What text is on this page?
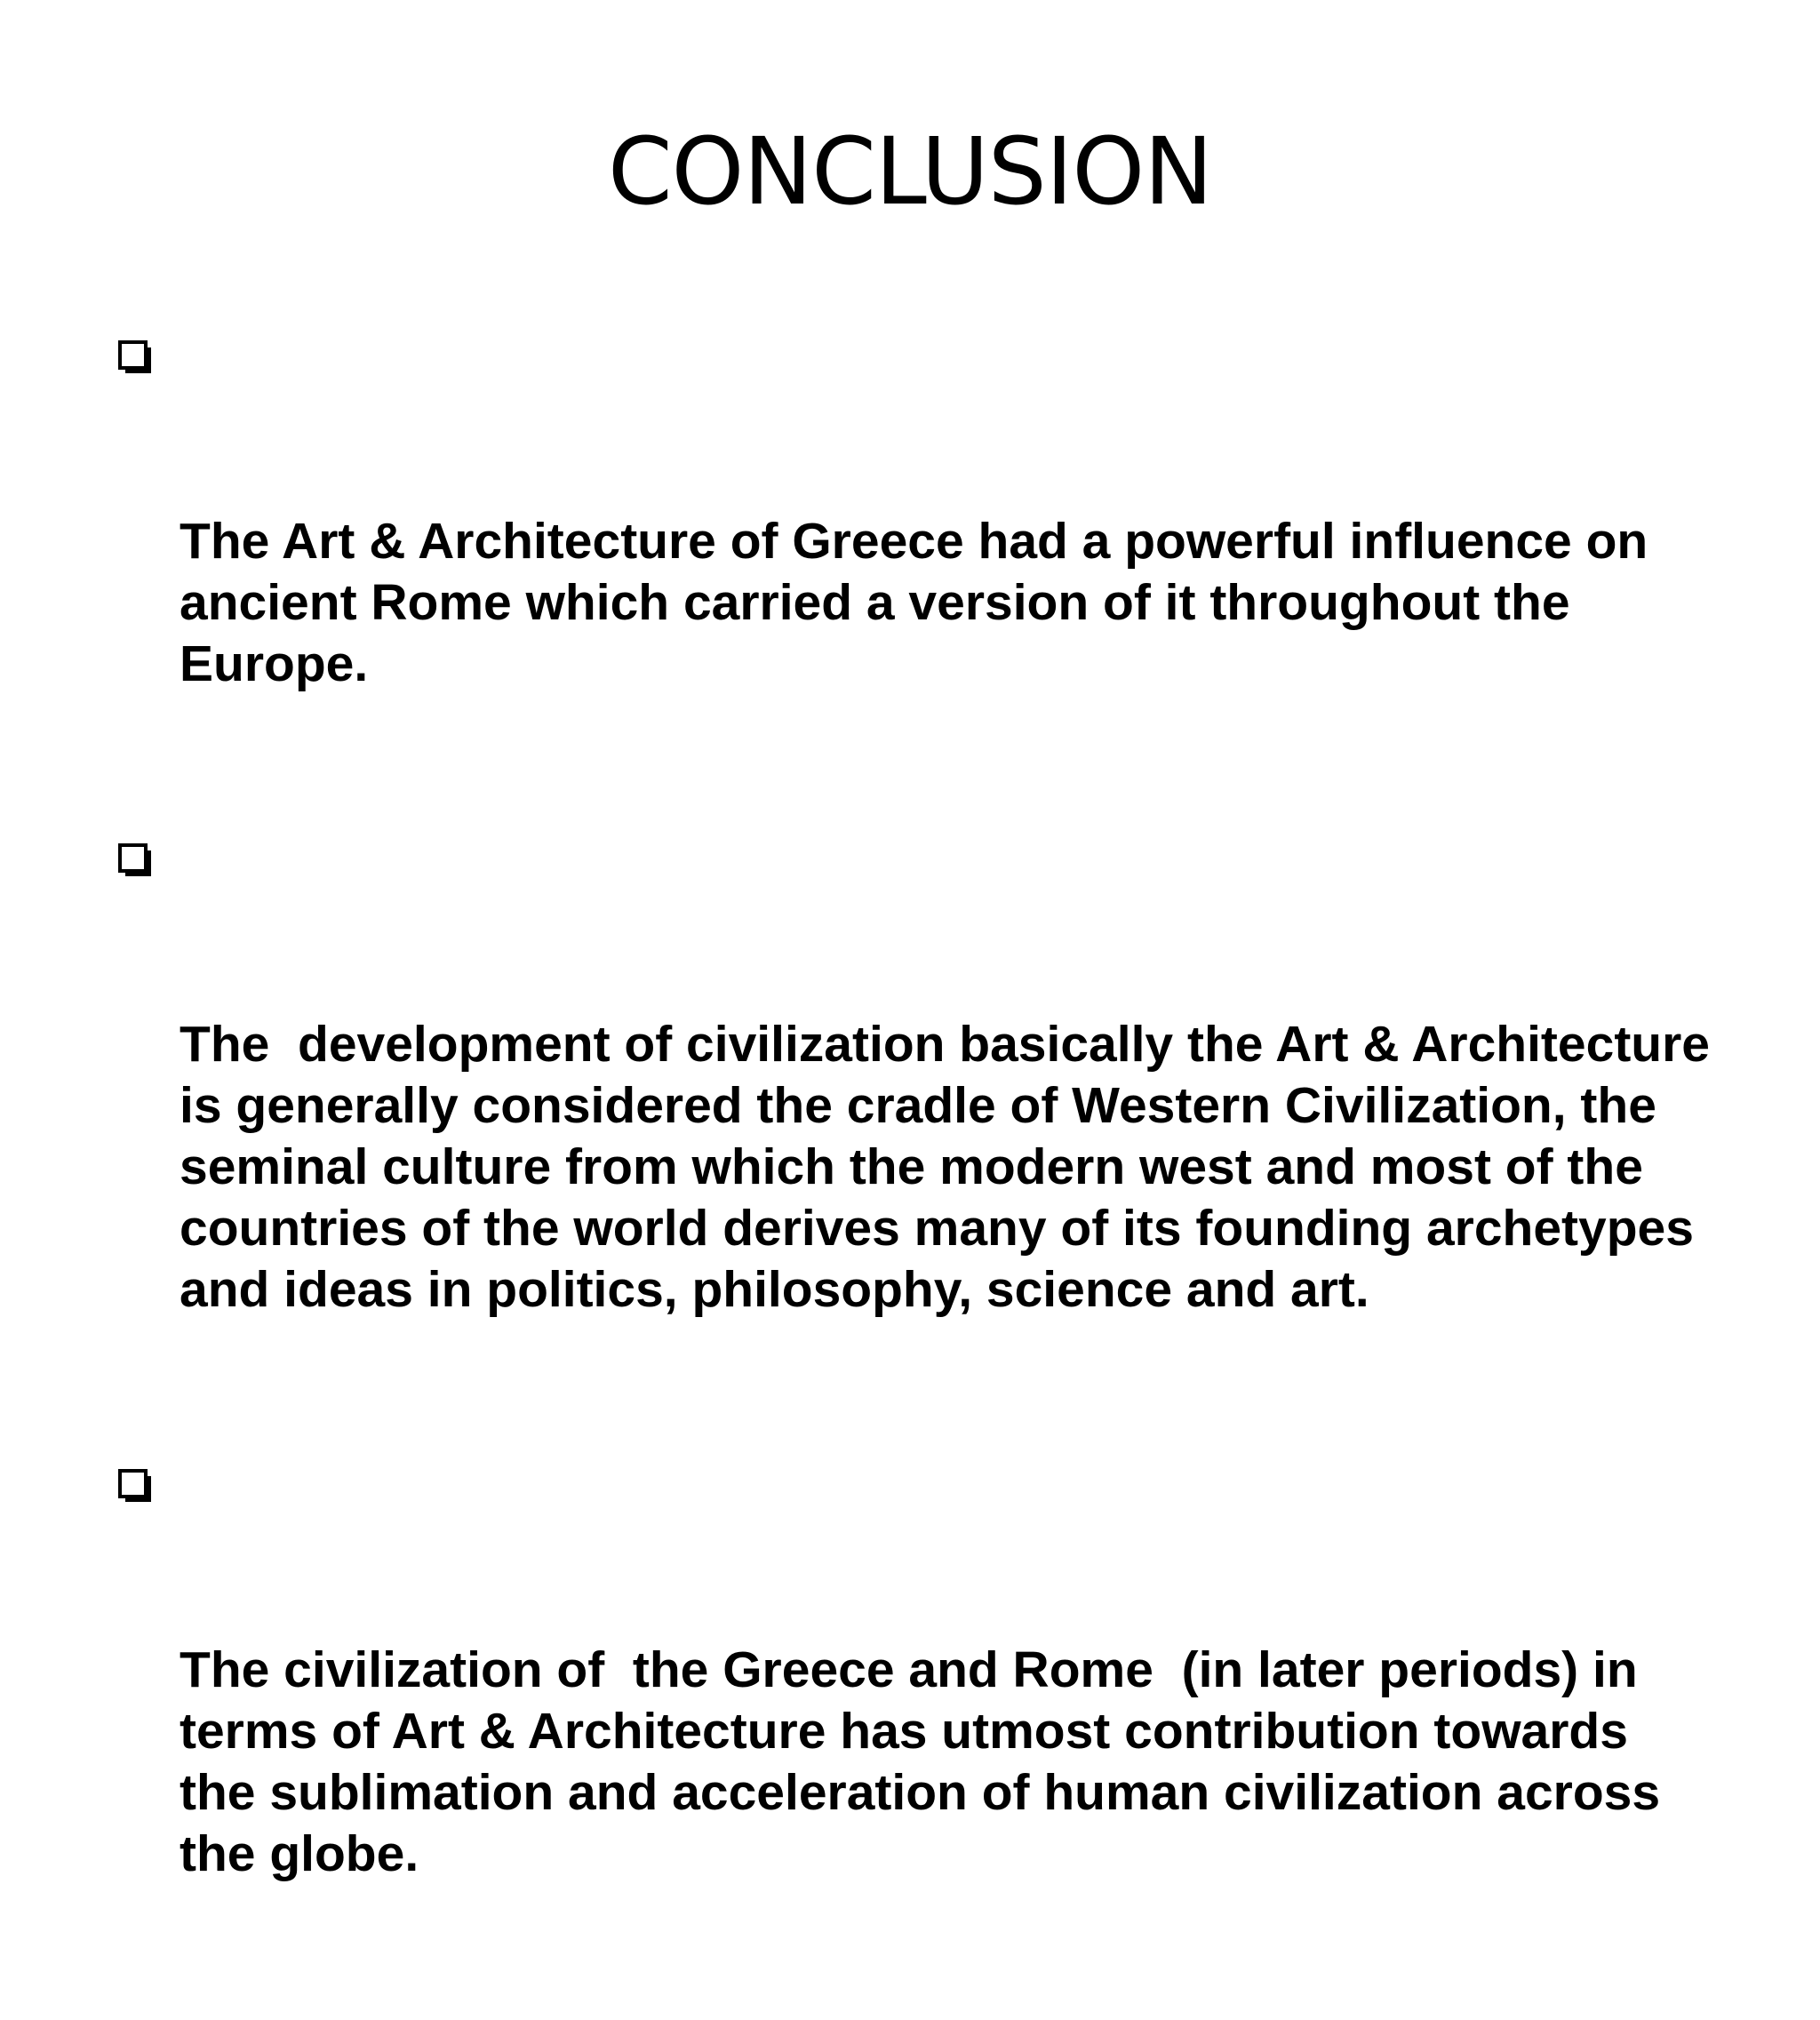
CONCLUSION

The Art & Architecture of Greece had a powerful influence on ancient Rome which carried a version of it throughout the Europe.

The  development of civilization basically the Art & Architecture is generally considered the cradle of Western Civilization, the seminal culture from which the modern west and most of the countries of the world derives many of its founding archetypes and ideas in politics, philosophy, science and art.

The civilization of  the Greece and Rome  (in later periods) in  terms of Art & Architecture has utmost contribution towards  the sublimation and acceleration of human civilization across the globe.
